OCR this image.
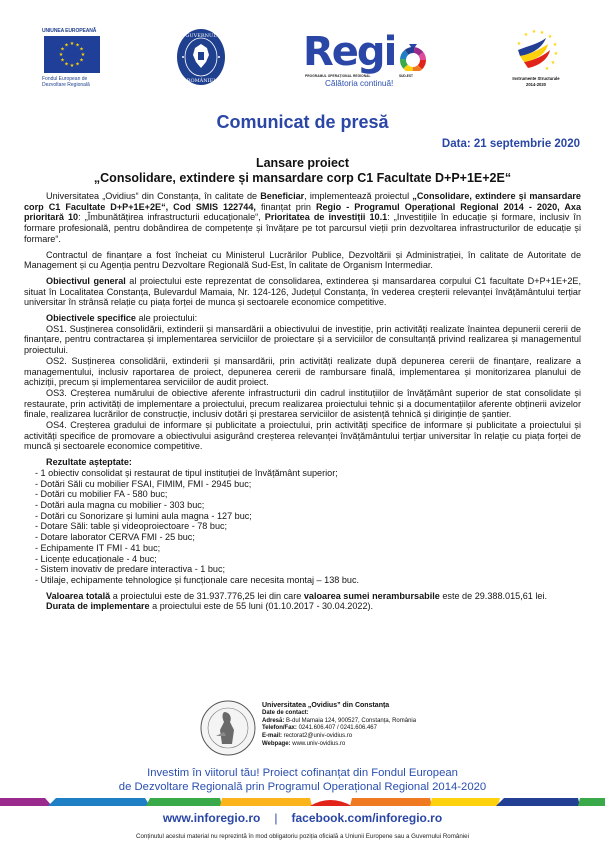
UNIUNEA EUROPEANĂ
★ ★
★
★
★
★
★
★
★
★
★
★
Fondul European de
Dezvoltare Regională
GUVERNUL
ROMÂNIEI
Regi
PROGRAMUL OPERAȚIONAL REGIONAL	SUD-EST
Călătoria continuă!
★ ★ ★
★
★
★
★
★
★
Instrumente Structurale
2014-2020
Comunicat de presă
Data: 21 septembrie 2020
Lansare proiect
„Consolidare, extindere și mansardare corp C1 Facultate D+P+1E+2E“

Universitatea „Ovidius“ din Constanța, în calitate de Beneficiar, implementează proiectul „Consolidare, extindere și mansardare corp C1 Facultate D+P+1E+2E“, Cod SMIS 122744, finanțat prin Regio - Programul Operațional Regional 2014 - 2020, Axa prioritară 10: „Îmbunătățirea infrastructurii educaționale“, Prioritatea de investiții 10.1: „Investițiile în educație și formare, inclusiv în formare profesională, pentru dobândirea de competențe și învățare pe tot parcursul vieții prin dezvoltarea infrastructurilor de educație și formare“.

Contractul de finanțare a fost încheiat cu Ministerul Lucrărilor Publice, Dezvoltării și Administrației, în calitate de Autoritate de Management și cu Agenția pentru Dezvoltare Regională Sud-Est, în calitate de Organism Intermediar.

Obiectivul general al proiectului este reprezentat de consolidarea, extinderea și mansardarea corpului C1 facultate D+P+1E+2E, situat în Localitatea Constanța, Bulevardul Mamaia, Nr. 124-126, Județul Constanța, în vederea creșterii relevanței învățământului terțiar universitar în strânsă relație cu piața forței de munca și sectoarele economice competitive.

Obiectivele specifice ale proiectului:

OS1. Susținerea consolidării, extinderii și mansardării a obiectivului de investiție, prin activități realizate înaintea depunerii cererii de finanțare, pentru contractarea și implementarea serviciilor de proiectare și a serviciilor de consultanță privind realizarea și managementul proiectului.

OS2. Susținerea consolidării, extinderii și mansardării, prin activități realizate după depunerea cererii de finanțare, realizare a managementului, inclusiv raportarea de proiect, depunerea cererii de rambursare finală, implementarea și monitorizarea planului de achiziții, precum și implementarea serviciilor de audit proiect.

OS3. Creșterea numărului de obiective aferente infrastructurii din cadrul instituțiilor de învățământ superior de stat consolidate și restaurate, prin activități de implementare a proiectului, precum realizarea proiectului tehnic și a documentațiilor aferente obținerii avizelor finale, realizarea lucrărilor de construcție, inclusiv dotări și prestarea serviciilor de asistență tehnică și diriginție de șantier.

OS4. Creșterea gradului de informare și publicitate a proiectului, prin activități specifice de informare și publicitate a proiectului și activități specifice de promovare a obiectivului asigurând creșterea relevanței învățământului terțiar universitar în relație cu piața forței de muncă și sectoarele economice competitive.

Rezultate așteptate:

- 1 obiectiv consolidat și restaurat de tipul instituției de învățământ superior;
- Dotări Săli cu mobilier FSAI, FIMIM, FMI - 2945 buc;
- Dotări cu mobilier FA - 580 buc;
- Dotări aula magna cu mobilier - 303 buc;
- Dotări cu Sonorizare și lumini aula magna - 127 buc;
- Dotare Săli: table și videoproiectoare - 78 buc;
- Dotare laborator CERVA FMI - 25 buc;
- Echipamente IT FMI - 41 buc;
- Licențe educaționale - 4 buc;
- Sistem inovativ de predare interactiva - 1 buc;
- Utilaje, echipamente tehnologice și funcționale care necesita montaj – 138 buc.

Valoarea totală a proiectului este de 31.937.776,25 lei din care valoarea sumei nerambursabile este de 29.388.015,61 lei.

Durata de implementare a proiectului este de 55 luni (01.10.2017 - 30.04.2022).

Universitatea „Ovidius” din Constanța
Date de contact:
Adresă: B-dul Mamaia 124, 900527, Constanța, România
Telefon/Fax: 0241.606.407 / 0241.606.467
E-mail: rectorat2@univ-ovidius.ro
Webpage: www.univ-ovidius.ro
Investim în viitorul tău! Proiect cofinanțat din Fondul European
de Dezvoltare Regională prin Programul Operațional Regional 2014-2020
www.inforegio.ro | facebook.com/inforegio.ro
Conținutul acestui material nu reprezintă în mod obligatoriu poziția oficială a Uniunii Europene sau a Guvernului României
